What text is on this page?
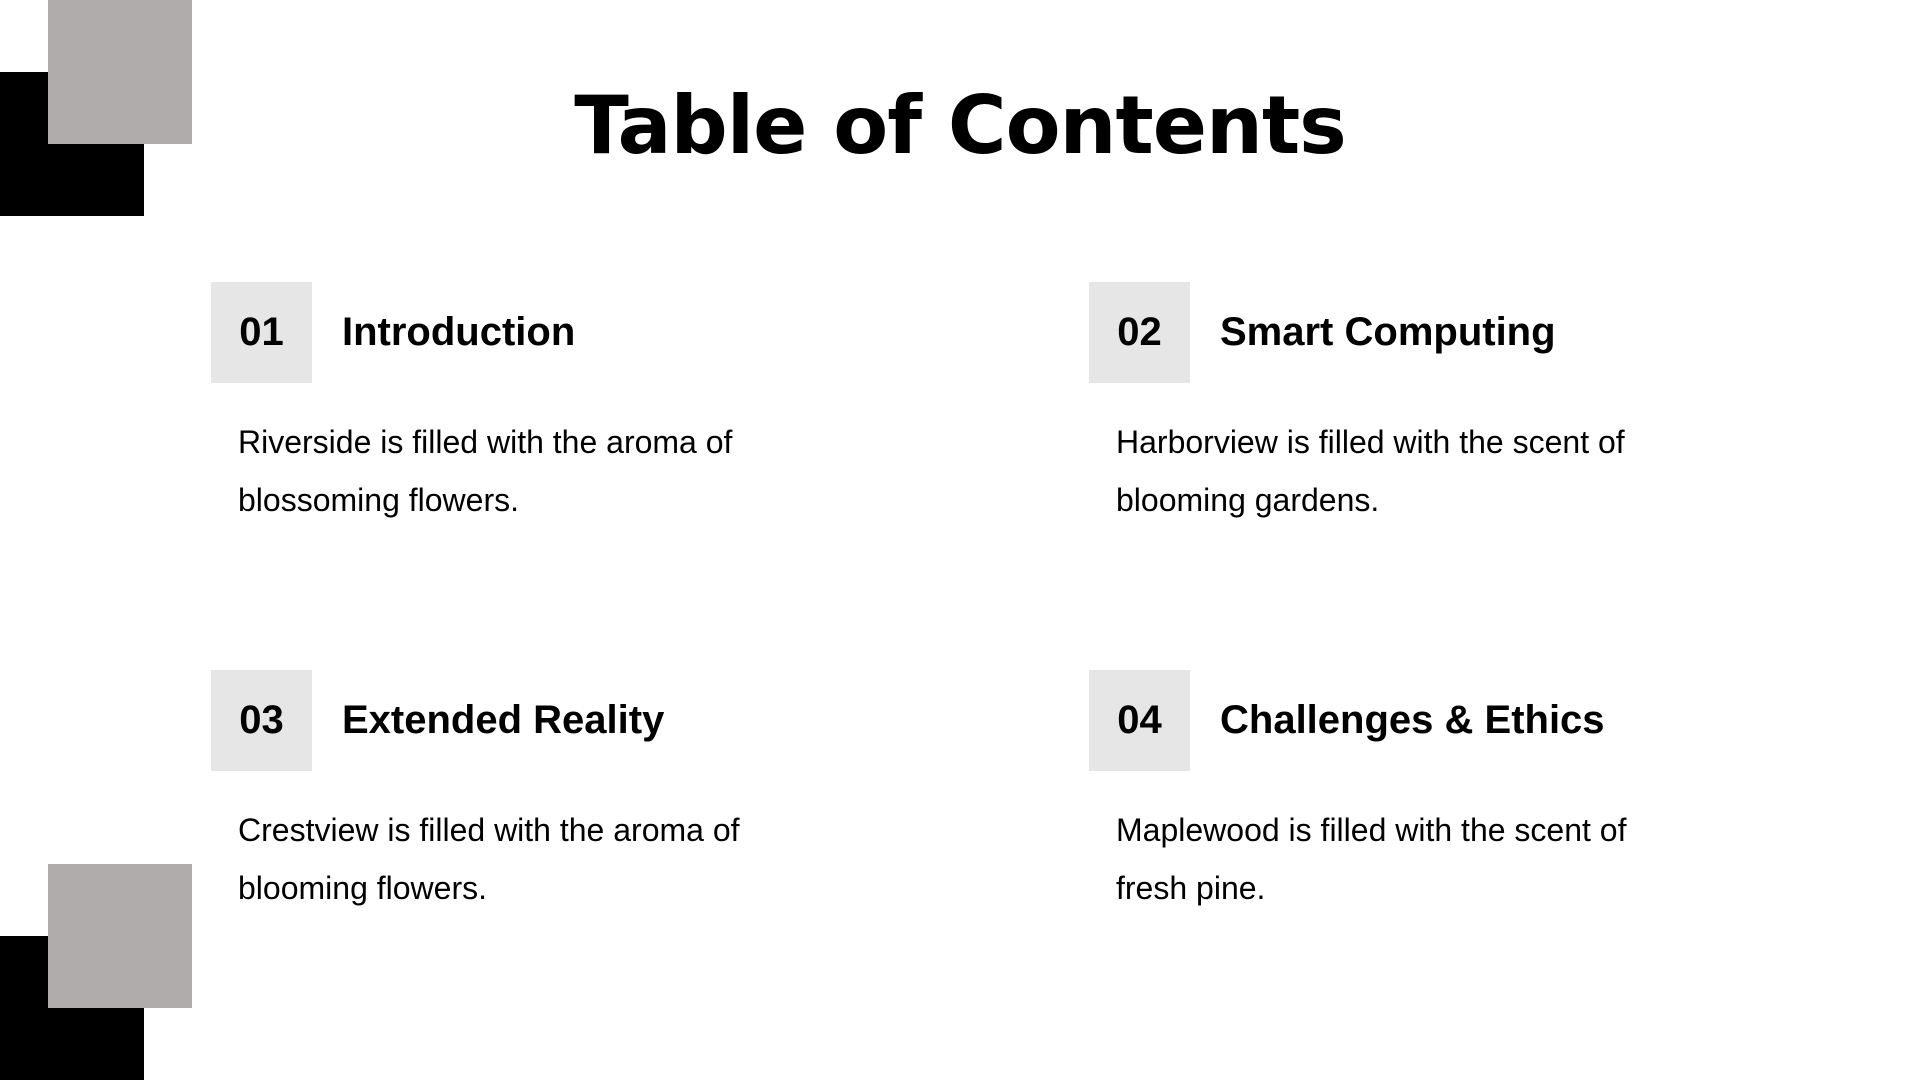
Table of Contents
01	Introduction
Riverside is filled with the aroma of blossoming flowers.
02	Smart Computing
Harborview is filled with the scent of blooming gardens.
03	Extended Reality
Crestview is filled with the aroma of blooming flowers.
04	Challenges & Ethics
Maplewood is filled with the scent of fresh pine.
